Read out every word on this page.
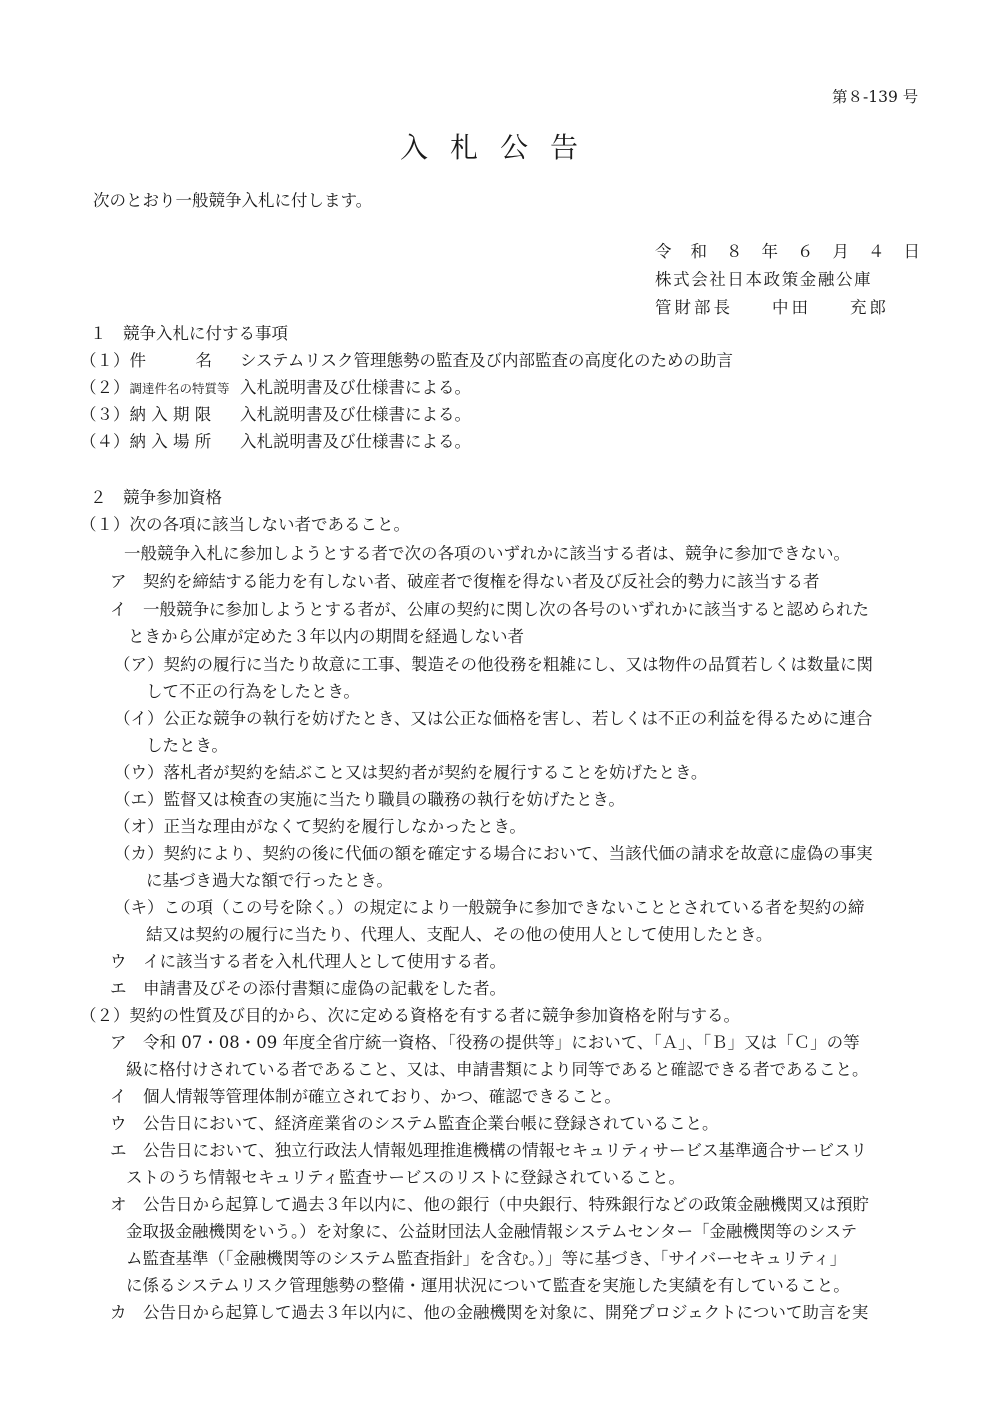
第８-139 号
入札公告
次のとおり一般競争入札に付します。
令和８年６月４日
株式会社日本政策金融公庫
管財部長　　中田　　充郎
１　競争入札に付する事項
（１）件　　　名 システムリスク管理態勢の監査及び内部監査の高度化のための助言
（２）調達件名の特質等 入札説明書及び仕様書による。
（３）納 入 期 限 入札説明書及び仕様書による。
（４）納 入 場 所 入札説明書及び仕様書による。
２　競争参加資格
（１）次の各項に該当しない者であること。
一般競争入札に参加しようとする者で次の各項のいずれかに該当する者は、競争に参加できない。
ア　契約を締結する能力を有しない者、破産者で復権を得ない者及び反社会的勢力に該当する者
イ　一般競争に参加しようとする者が、公庫の契約に関し次の各号のいずれかに該当すると認められた
ときから公庫が定めた３年以内の期間を経過しない者
（ア）契約の履行に当たり故意に工事、製造その他役務を粗雑にし、又は物件の品質若しくは数量に関
して不正の行為をしたとき。
（イ）公正な競争の執行を妨げたとき、又は公正な価格を害し、若しくは不正の利益を得るために連合
したとき。
（ウ）落札者が契約を結ぶこと又は契約者が契約を履行することを妨げたとき。
（エ）監督又は検査の実施に当たり職員の職務の執行を妨げたとき。
（オ）正当な理由がなくて契約を履行しなかったとき。
（カ）契約により、契約の後に代価の額を確定する場合において、当該代価の請求を故意に虚偽の事実
に基づき過大な額で行ったとき。
（キ）この項（この号を除く。）の規定により一般競争に参加できないこととされている者を契約の締
結又は契約の履行に当たり、代理人、支配人、その他の使用人として使用したとき。
ウ　イに該当する者を入札代理人として使用する者。
エ　申請書及びその添付書類に虚偽の記載をした者。
（２）契約の性質及び目的から、次に定める資格を有する者に競争参加資格を附与する。
ア　令和 07・08・09 年度全省庁統一資格、「役務の提供等」において、「Ａ」、「Ｂ」又は「Ｃ」の等
級に格付けされている者であること、又は、申請書類により同等であると確認できる者であること。
イ　個人情報等管理体制が確立されており、かつ、確認できること。
ウ　公告日において、経済産業省のシステム監査企業台帳に登録されていること。
エ　公告日において、独立行政法人情報処理推進機構の情報セキュリティサービス基準適合サービスリ
ストのうち情報セキュリティ監査サービスのリストに登録されていること。
オ　公告日から起算して過去３年以内に、他の銀行（中央銀行、特殊銀行などの政策金融機関又は預貯
金取扱金融機関をいう。）を対象に、公益財団法人金融情報システムセンター「金融機関等のシステ
ム監査基準（「金融機関等のシステム監査指針」を含む。）」等に基づき、「サイバーセキュリティ」
に係るシステムリスク管理態勢の整備・運用状況について監査を実施した実績を有していること。
カ　公告日から起算して過去３年以内に、他の金融機関を対象に、開発プロジェクトについて助言を実
